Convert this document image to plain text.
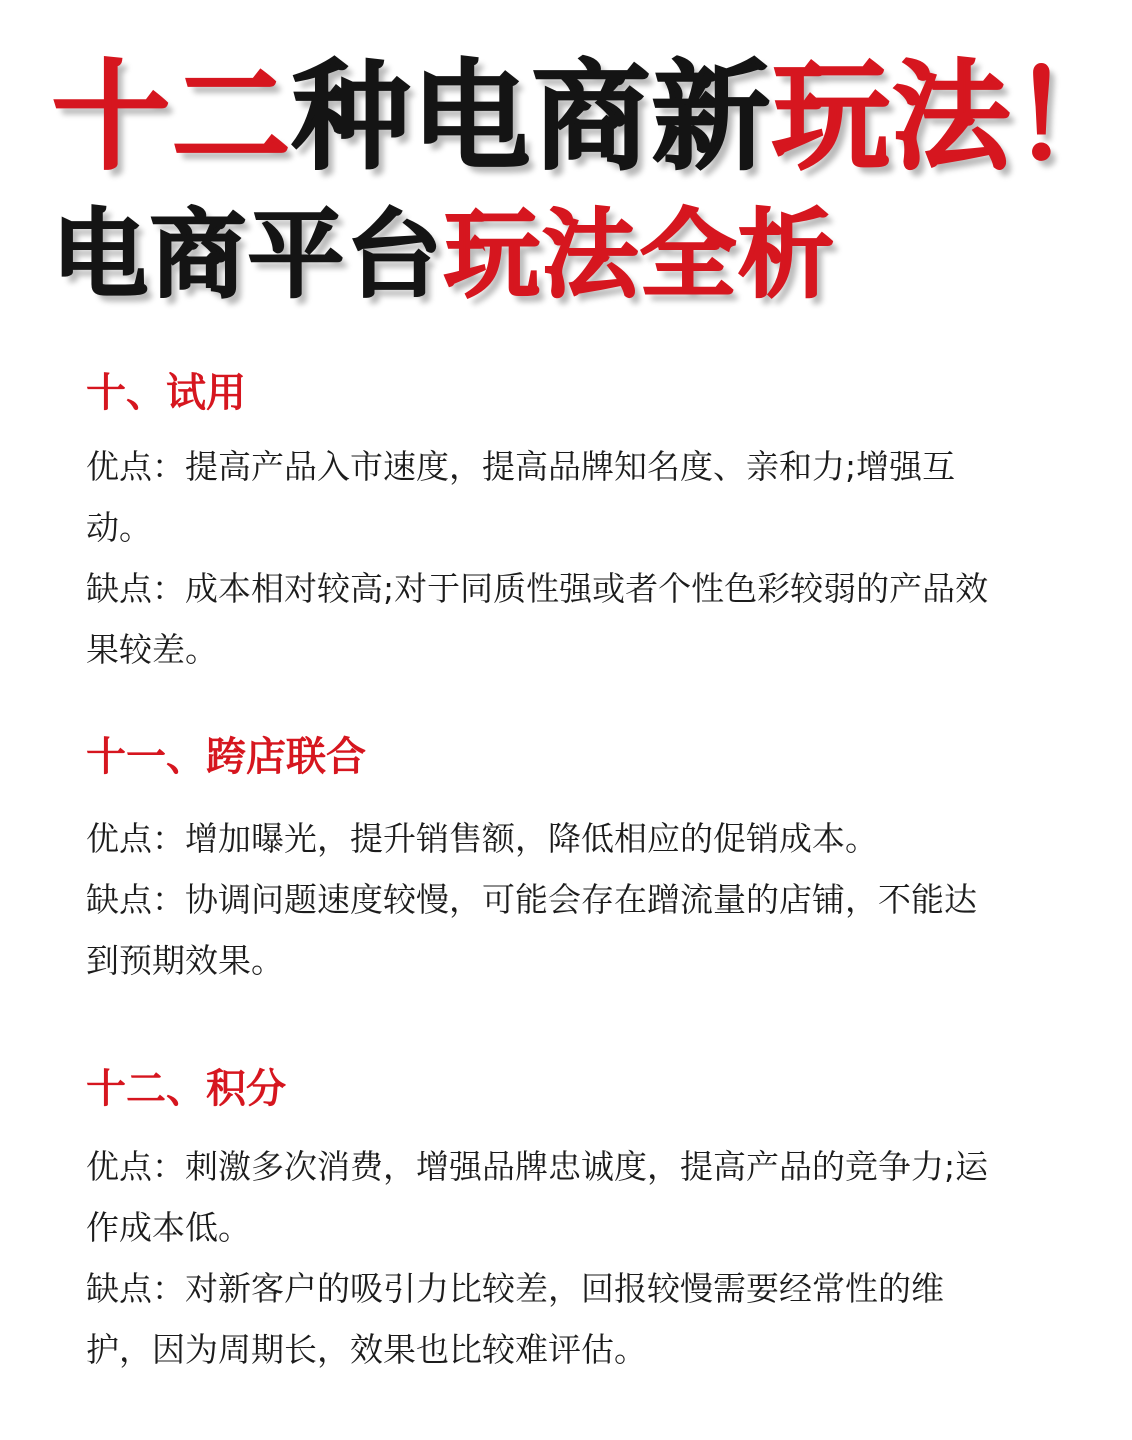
十二种电商新玩法！
电商平台玩法全析
十、试用

优点：提高产品入市速度，提高品牌知名度、亲和力;增强互动。

缺点：成本相对较高;对于同质性强或者个性色彩较弱的产品效果较差。

十一、跨店联合

优点：增加曝光，提升销售额，降低相应的促销成本。

缺点：协调问题速度较慢，可能会存在蹭流量的店铺，不能达到预期效果。

十二、积分

优点：刺激多次消费，增强品牌忠诚度，提高产品的竞争力;运作成本低。

缺点：对新客户的吸引力比较差，回报较慢需要经常性的维护，因为周期长，效果也比较难评估。
